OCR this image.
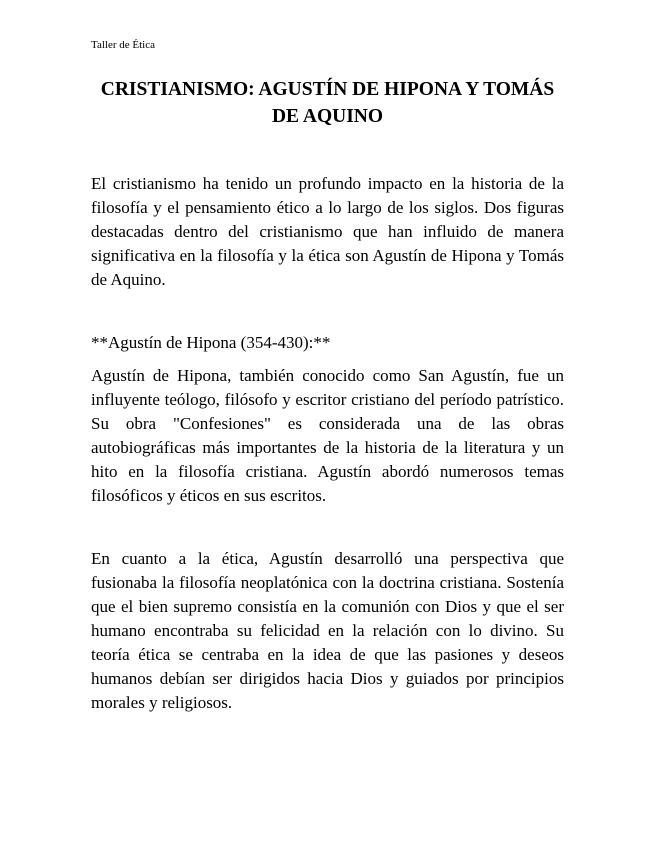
Taller de Ética
CRISTIANISMO: AGUSTÍN DE HIPONA Y TOMÁS DE AQUINO

El cristianismo ha tenido un profundo impacto en la historia de la filosofía y el pensamiento ético a lo largo de los siglos. Dos figuras destacadas dentro del cristianismo que han influido de manera significativa en la filosofía y la ética son Agustín de Hipona y Tomás de Aquino.

**Agustín de Hipona (354-430):**

Agustín de Hipona, también conocido como San Agustín, fue un influyente teólogo, filósofo y escritor cristiano del período patrístico. Su obra "Confesiones" es considerada una de las obras autobiográficas más importantes de la historia de la literatura y un hito en la filosofía cristiana. Agustín abordó numerosos temas filosóficos y éticos en sus escritos.

En cuanto a la ética, Agustín desarrolló una perspectiva que fusionaba la filosofía neoplatónica con la doctrina cristiana. Sostenía que el bien supremo consistía en la comunión con Dios y que el ser humano encontraba su felicidad en la relación con lo divino. Su teoría ética se centraba en la idea de que las pasiones y deseos humanos debían ser dirigidos hacia Dios y guiados por principios morales y religiosos.
